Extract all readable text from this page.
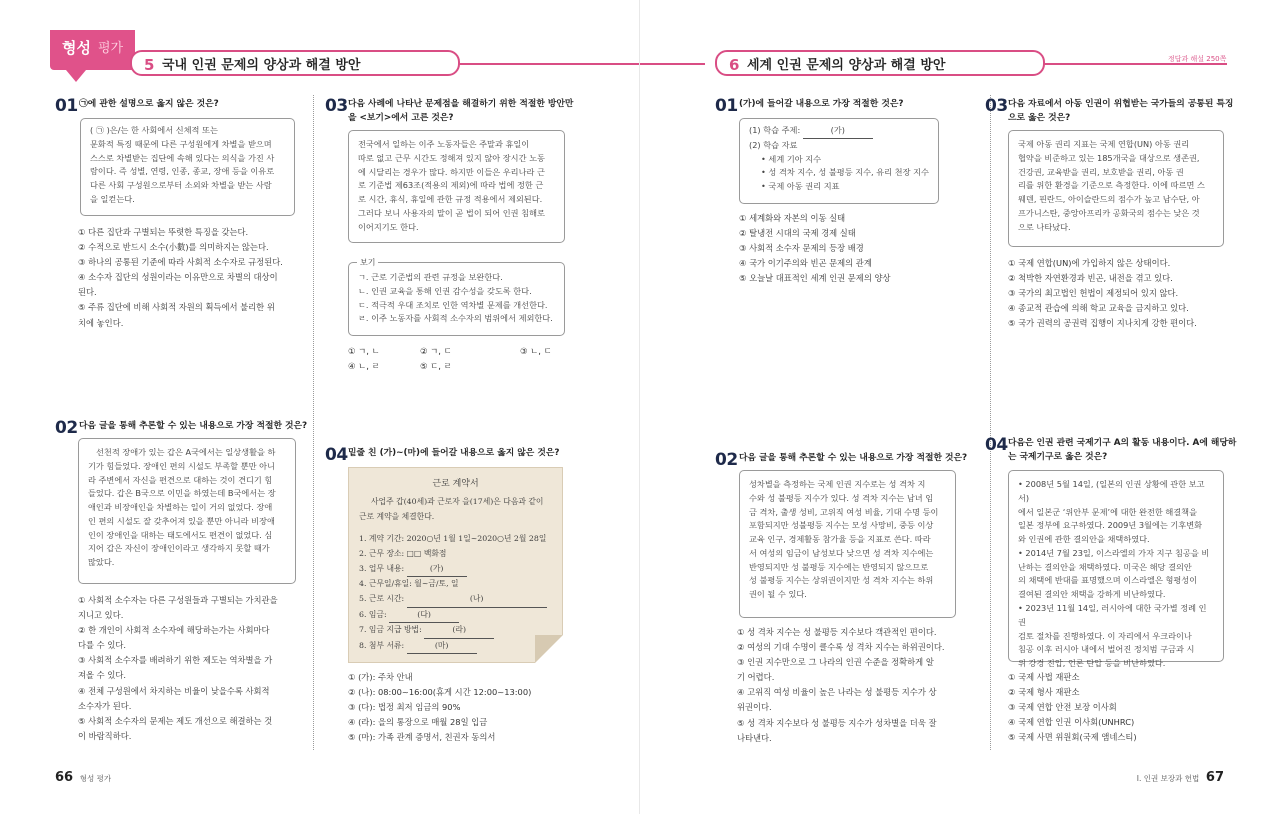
형성 평가
5 국내 인권 문제의 양상과 해결 방안	6 세계 인권 문제의 양상과 해결 방안	정답과 해설 250쪽
01 ㉠에 관한 설명으로 옳지 않은 것은?
( ㉠ )은/는 한 사회에서 신체적 또는
문화적 특징 때문에 다른 구성원에게 차별을 받으며
스스로 차별받는 집단에 속해 있다는 의식을 가진 사
람이다. 즉 성별, 연령, 인종, 종교, 장애 등을 이유로
다른 사회 구성원으로부터 소외와 차별을 받는 사람
을 일컫는다.
① 다른 집단과 구별되는 뚜렷한 특징을 갖는다.
② 수적으로 반드시 소수(小數)를 의미하지는 않는다.
③ 하나의 공통된 기준에 따라 사회적 소수자로 규정된다.
④ 소수자 집단의 성원이라는 이유만으로 차별의 대상이
된다.
⑤ 주류 집단에 비해 사회적 자원의 획득에서 불리한 위
치에 놓인다.
02 다음 글을 통해 추론할 수 있는 내용으로 가장 적절한 것은?
선천적 장애가 있는 갑은 A국에서는 일상생활을 하
기가 힘들었다. 장애인 편의 시설도 부족할 뿐만 아니
라 주변에서 자신을 편견으로 대하는 것이 견디기 힘
들었다. 갑은 B국으로 이민을 하였는데 B국에서는 장
애인과 비장애인을 차별하는 일이 거의 없었다. 장애
인 편의 시설도 잘 갖추어져 있을 뿐만 아니라 비장애
인이 장애인을 대하는 태도에서도 편견이 없었다. 심
지어 갑은 자신이 장애인이라고 생각하지 못할 때가
많았다.
① 사회적 소수자는 다른 구성원들과 구별되는 가치관을
지니고 있다.
② 한 개인이 사회적 소수자에 해당하는가는 사회마다
다를 수 있다.
③ 사회적 소수자를 배려하기 위한 제도는 역차별을 가
져올 수 있다.
④ 전체 구성원에서 차지하는 비율이 낮을수록 사회적
소수자가 된다.
⑤ 사회적 소수자의 문제는 제도 개선으로 해결하는 것
이 바람직하다.
03 다음 사례에 나타난 문제점을 해결하기 위한 적절한 방안만
을 <보기>에서 고른 것은?
전국에서 일하는 이주 노동자들은 주말과 휴일이
따로 없고 근무 시간도 정해져 있지 않아 장시간 노동
에 시달리는 경우가 많다. 하지만 이들은 우리나라 근
로 기준법 제63조(적용의 제외)에 따라 법에 정한 근
로 시간, 휴식, 휴일에 관한 규정 적용에서 제외된다.
그러다 보니 사용자의 말이 곧 법이 되어 인권 침해로
이어지기도 한다.
보기
ㄱ. 근로 기준법의 관련 규정을 보완한다.
ㄴ. 인권 교육을 통해 인권 감수성을 갖도록 한다.
ㄷ. 적극적 우대 조치로 인한 역차별 문제를 개선한다.
ㄹ. 이주 노동자를 사회적 소수자의 범위에서 제외한다.
① ㄱ, ㄴ	② ㄱ, ㄷ	③ ㄴ, ㄷ
④ ㄴ, ㄹ	⑤ ㄷ, ㄹ
04 밑줄 친 (가)~(마)에 들어갈 내용으로 옳지 않은 것은?
근로 계약서
사업주 갑(40세)과 근로자 을(17세)은 다음과 같이
근로 계약을 체결한다.
1. 계약 기간: 2020○년 1월 1일~2020○년 2월 28일
2. 근무 장소: □□ 백화점
3. 업무 내용:	(가)
4. 근무일/휴일: 월~금/토, 일
5. 근로 시간:	(나)
6. 임금:	(다)
7. 임금 지급 방법:	(라)
8. 첨부 서류:	(마)
① (가): 주차 안내
② (나): 08:00~16:00(휴게 시간 12:00~13:00)
③ (다): 법정 최저 임금의 90%
④ (라): 을의 통장으로 매월 28일 입금
⑤ (마): 가족 관계 증명서, 친권자 동의서
66 형성 평가
01 (가)에 들어갈 내용으로 가장 적절한 것은?
(1) 학습 주제:	(가)
(2) 학습 자료
• 세계 기아 지수
• 성 격차 지수, 성 불평등 지수, 유리 천장 지수
• 국제 아동 권리 지표
① 세계화와 자본의 이동 실태
② 탈냉전 시대의 국제 경제 실태
③ 사회적 소수자 문제의 등장 배경
④ 국가 이기주의와 빈곤 문제의 관계
⑤ 오늘날 대표적인 세계 인권 문제의 양상
02 다음 글을 통해 추론할 수 있는 내용으로 가장 적절한 것은?
성차별을 측정하는 국제 인권 지수로는 성 격차 지
수와 성 불평등 지수가 있다. 성 격차 지수는 남녀 임
금 격차, 출생 성비, 고위직 여성 비율, 기대 수명 등이
포함되지만 성불평등 지수는 모성 사망비, 중등 이상
교육 인구, 경제활동 참가율 등을 지표로 쓴다. 따라
서 여성의 임금이 남성보다 낮으면 성 격차 지수에는
반영되지만 성 불평등 지수에는 반영되지 않으므로
성 불평등 지수는 상위권이지만 성 격차 지수는 하위
권이 될 수 있다.
① 성 격차 지수는 성 불평등 지수보다 객관적인 편이다.
② 여성의 기대 수명이 클수록 성 격차 지수는 하위권이다.
③ 인권 지수만으로 그 나라의 인권 수준을 정확하게 알
기 어렵다.
④ 고위직 여성 비율이 높은 나라는 성 불평등 지수가 상
위권이다.
⑤ 성 격차 지수보다 성 불평등 지수가 성차별을 더욱 잘
나타낸다.
03 다음 자료에서 아동 인권이 위협받는 국가들의 공통된 특징
으로 옳은 것은?
국제 아동 권리 지표는 국제 연합(UN) 아동 권리
협약을 비준하고 있는 185개국을 대상으로 생존권,
건강권, 교육받을 권리, 보호받을 권리, 아동 권
리를 위한 환경을 기준으로 측정한다. 이에 따르면 스
웨덴, 핀란드, 아이슬란드의 점수가 높고 남수단, 아
프가니스탄, 중앙아프리카 공화국의 점수는 낮은 것
으로 나타났다.
① 국제 연합(UN)에 가입하지 않은 상태이다.
② 척박한 자연환경과 빈곤, 내전을 겪고 있다.
③ 국가의 최고법인 헌법이 제정되어 있지 않다.
④ 종교적 관습에 의해 학교 교육을 금지하고 있다.
⑤ 국가 권력의 공권력 집행이 지나치게 강한 편이다.
04 다음은 인권 관련 국제기구 A의 활동 내용이다. A에 해당하
는 국제기구로 옳은 것은?
• 2008년 5월 14일, (일본의 인권 상황에 관한 보고서)
에서 일본군 ‘위안부 문제’에 대한 완전한 해결책을
일본 정부에 요구하였다. 2009년 3월에는 기후변화
와 인권에 관한 결의안을 채택하였다.
• 2014년 7월 23일, 이스라엘의 가자 지구 침공을 비
난하는 결의안을 채택하였다. 미국은 해당 결의안
의 채택에 반대를 표명했으며 이스라엘은 형평성이
결여된 결의안 채택을 강하게 비난하였다.
• 2023년 11월 14일, 러시아에 대한 국가별 정례 인권
검토 절차를 진행하였다. 이 자리에서 우크라이나
침공 이후 러시아 내에서 벌어진 정치범 구금과 시
위 강경 진압, 언론 탄압 등을 비난하였다.
① 국제 사법 재판소
② 국제 형사 재판소
③ 국제 연합 안전 보장 이사회
④ 국제 연합 인권 이사회(UNHRC)
⑤ 국제 사면 위원회(국제 앰네스티)
I. 인권 보장과 헌법 67
